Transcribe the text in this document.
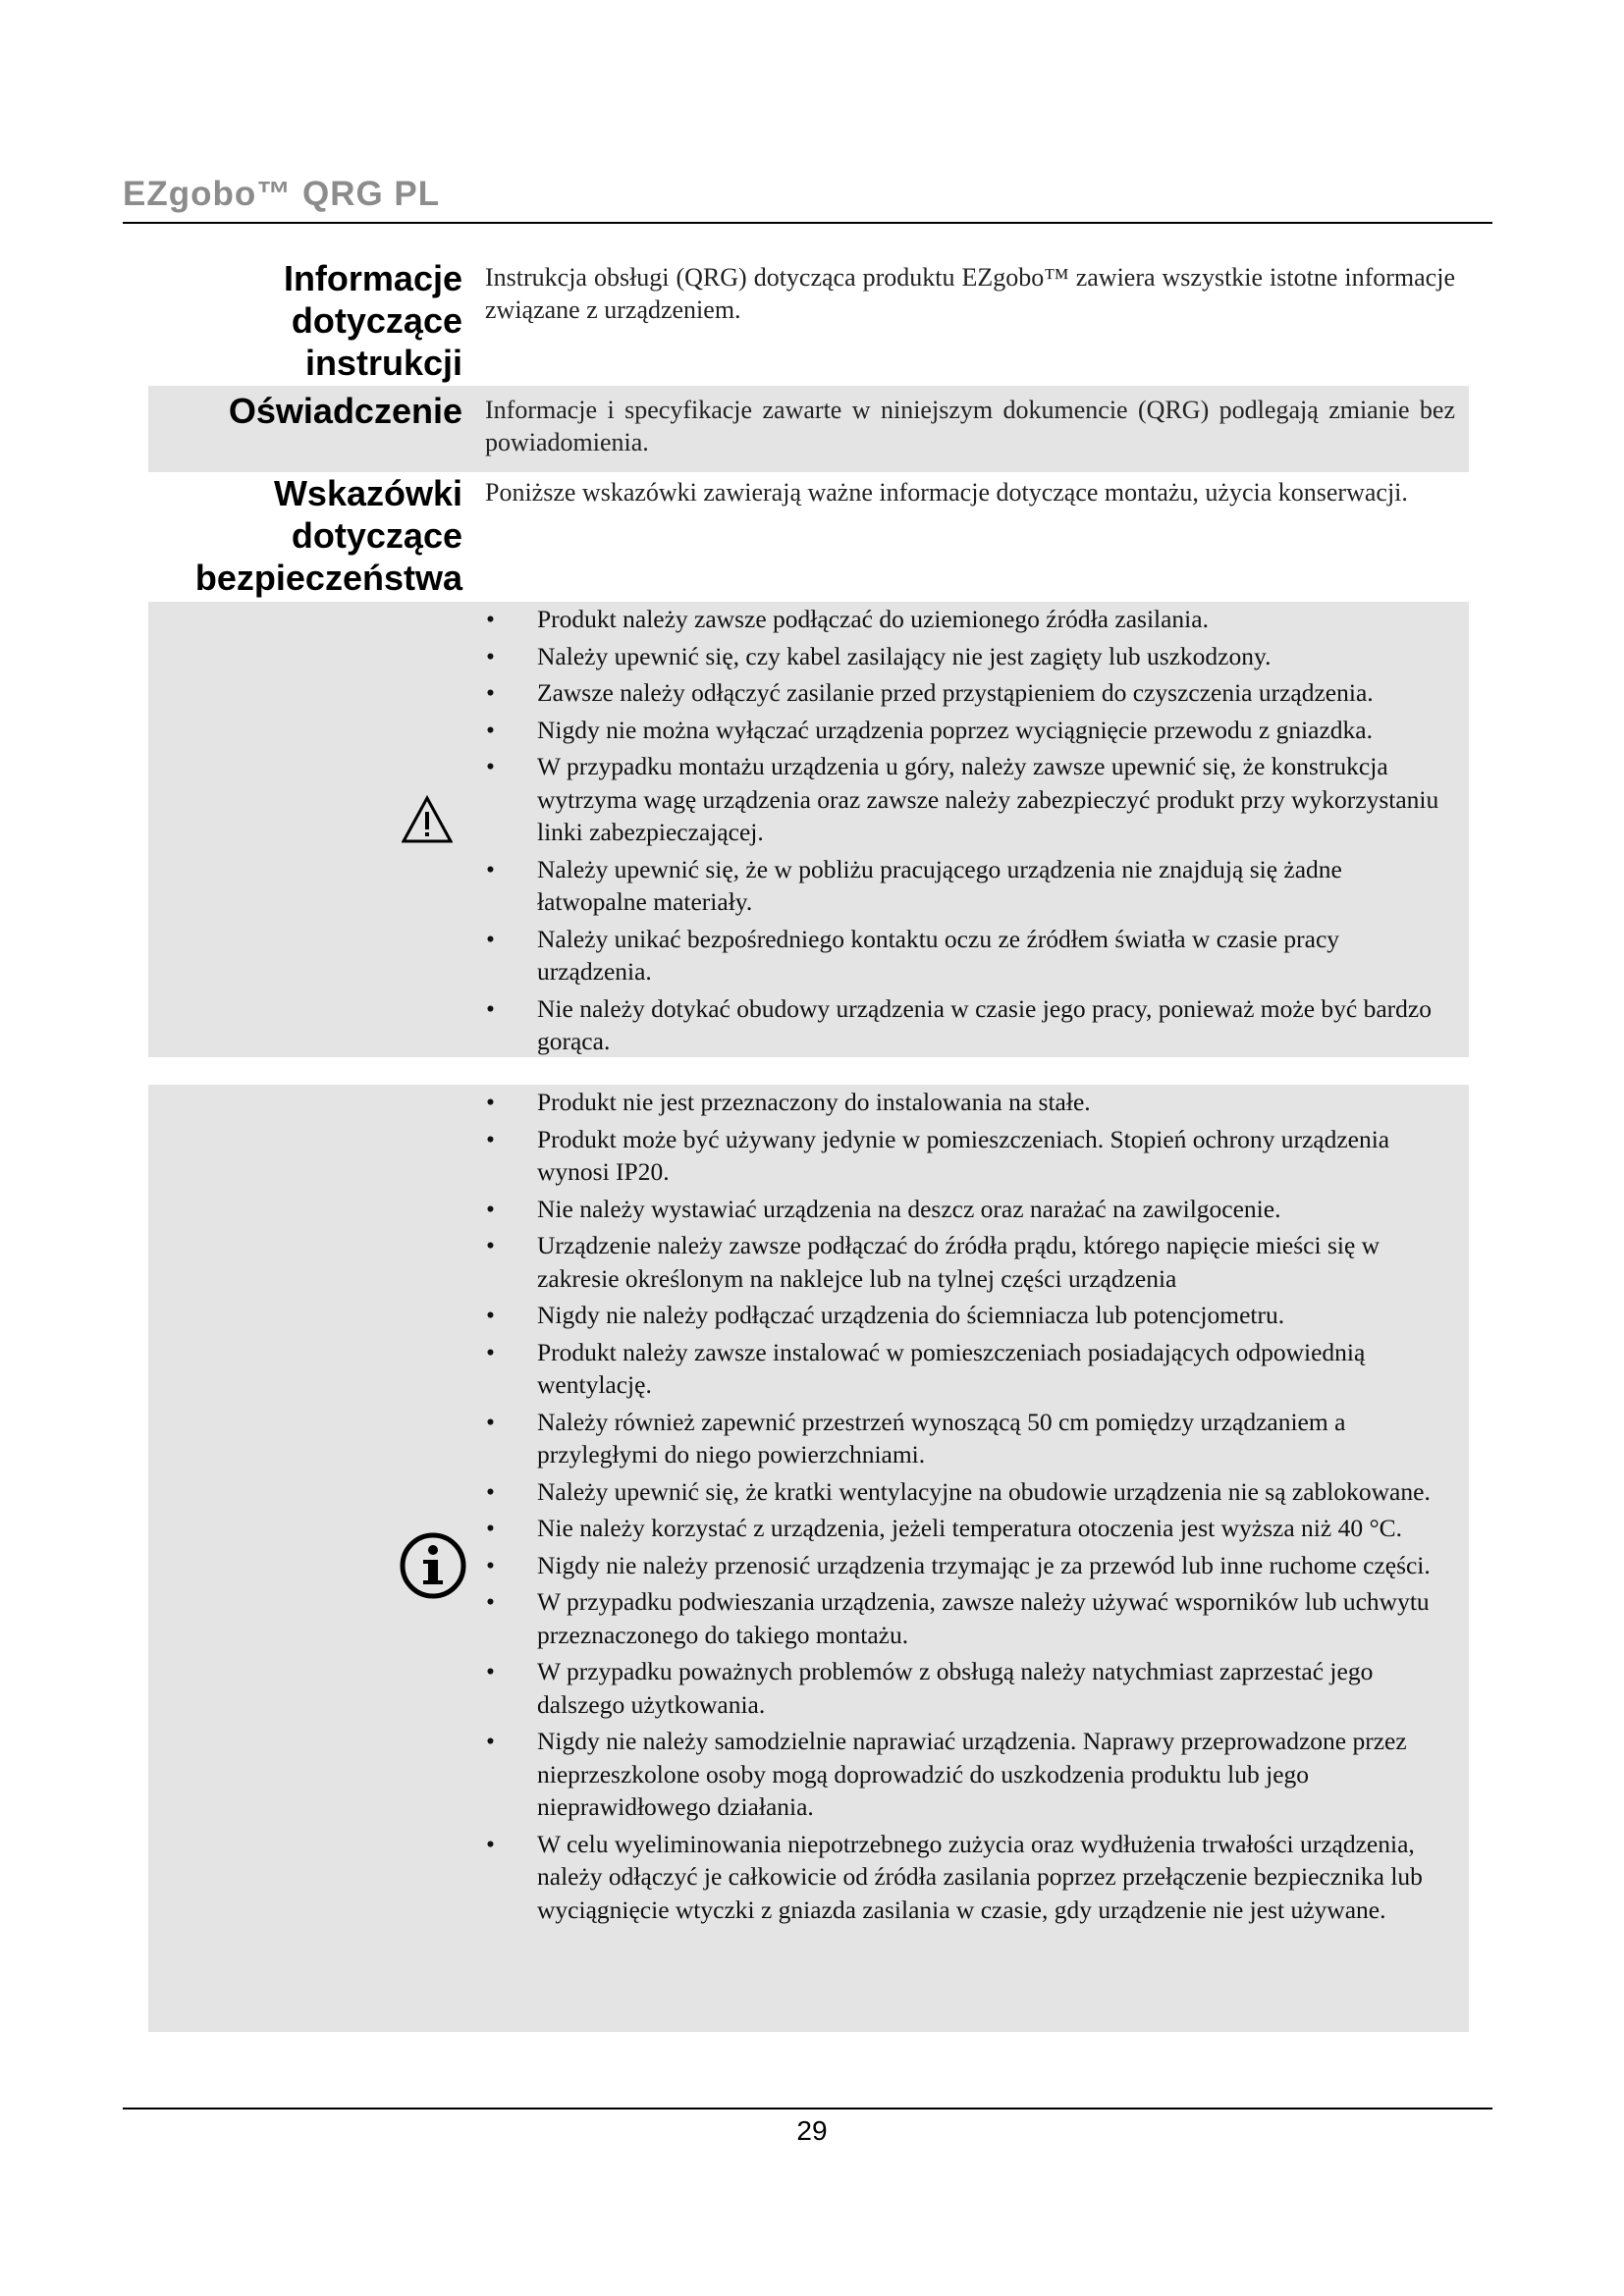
EZgobo™ QRG PL
Informacje
dotyczące
instrukcji
Instrukcja obsługi (QRG) dotycząca produktu EZgobo™ zawiera wszystkie istotne informacje związane z urządzeniem.
Oświadczenie Informacje i specyfikacje zawarte w niniejszym dokumencie (QRG) podlegają zmianie bez powiadomienia.
Wskazówki
dotyczące
bezpieczeństwa
Poniższe wskazówki zawierają ważne informacje dotyczące montażu, użycia konserwacji.
• Produkt należy zawsze podłączać do uziemionego źródła zasilania.
• Należy upewnić się, czy kabel zasilający nie jest zagięty lub uszkodzony.
• Zawsze należy odłączyć zasilanie przed przystąpieniem do czyszczenia urządzenia.
• Nigdy nie można wyłączać urządzenia poprzez wyciągnięcie przewodu z gniazdka.
• W przypadku montażu urządzenia u góry, należy zawsze upewnić się, że konstrukcja wytrzyma wagę urządzenia oraz zawsze należy zabezpieczyć produkt przy wykorzystaniu linki zabezpieczającej.
• Należy upewnić się, że w pobliżu pracującego urządzenia nie znajdują się żadne łatwopalne materiały.
• Należy unikać bezpośredniego kontaktu oczu ze źródłem światła w czasie pracy urządzenia.
• Nie należy dotykać obudowy urządzenia w czasie jego pracy, ponieważ może być bardzo gorąca.
• Produkt nie jest przeznaczony do instalowania na stałe.
• Produkt może być używany jedynie w pomieszczeniach. Stopień ochrony urządzenia wynosi IP20.
• Nie należy wystawiać urządzenia na deszcz oraz narażać na zawilgocenie.
• Urządzenie należy zawsze podłączać do źródła prądu, którego napięcie mieści się w zakresie określonym na naklejce lub na tylnej części urządzenia
• Nigdy nie należy podłączać urządzenia do ściemniacza lub potencjometru.
• Produkt należy zawsze instalować w pomieszczeniach posiadających odpowiednią wentylację.
• Należy również zapewnić przestrzeń wynoszącą 50 cm pomiędzy urządzaniem a przyległymi do niego powierzchniami.
• Należy upewnić się, że kratki wentylacyjne na obudowie urządzenia nie są zablokowane.
• Nie należy korzystać z urządzenia, jeżeli temperatura otoczenia jest wyższa niż 40 °C.
• Nigdy nie należy przenosić urządzenia trzymając je za przewód lub inne ruchome części.
• W przypadku podwieszania urządzenia, zawsze należy używać wsporników lub uchwytu przeznaczonego do takiego montażu.
• W przypadku poważnych problemów z obsługą należy natychmiast zaprzestać jego dalszego użytkowania.
• Nigdy nie należy samodzielnie naprawiać urządzenia. Naprawy przeprowadzone przez nieprzeszkolone osoby mogą doprowadzić do uszkodzenia produktu lub jego nieprawidłowego działania.
• W celu wyeliminowania niepotrzebnego zużycia oraz wydłużenia trwałości urządzenia, należy odłączyć je całkowicie od źródła zasilania poprzez przełączenie bezpiecznika lub wyciągnięcie wtyczki z gniazda zasilania w czasie, gdy urządzenie nie jest używane.
29
